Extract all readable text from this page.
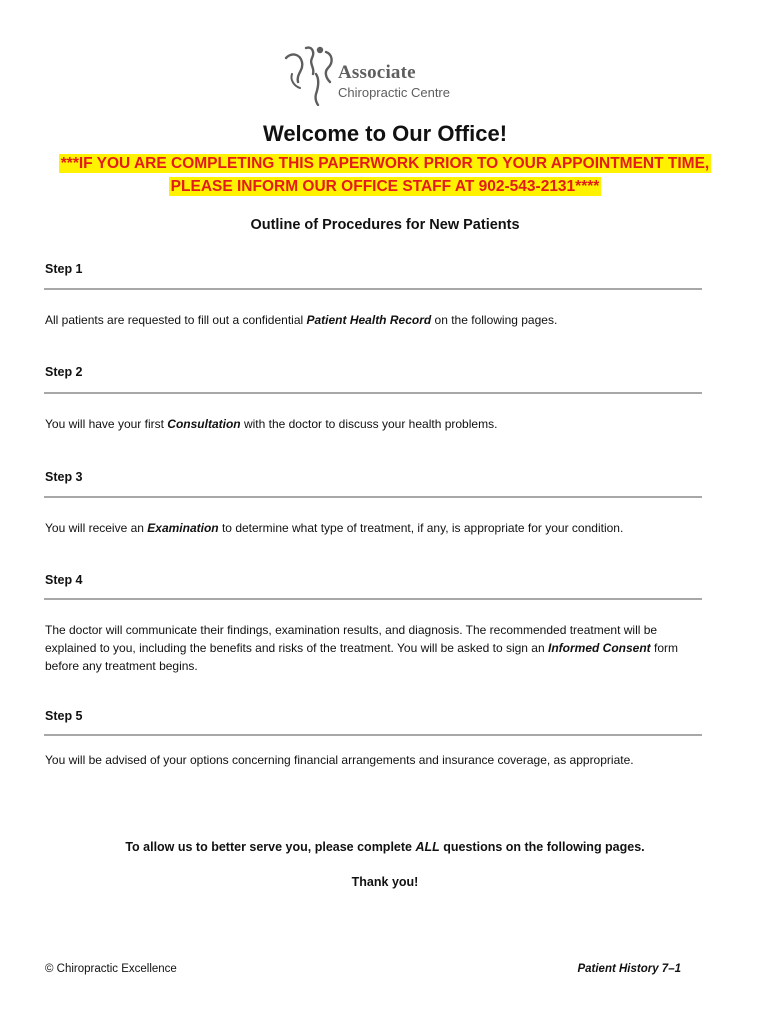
Associate
Chiropractic Centre
Welcome to Our Office!
***IF YOU ARE COMPLETING THIS PAPERWORK PRIOR TO YOUR APPOINTMENT TIME,
PLEASE INFORM OUR OFFICE STAFF AT 902-543-2131****
Outline of Procedures for New Patients
Step 1
All patients are requested to fill out a confidential Patient Health Record on the following pages.
Step 2
You will have your first Consultation with the doctor to discuss your health problems.
Step 3
You will receive an Examination to determine what type of treatment, if any, is appropriate for your condition.
Step 4
The doctor will communicate their findings, examination results, and diagnosis. The recommended treatment will be explained to you, including the benefits and risks of the treatment. You will be asked to sign an Informed Consent form before any treatment begins.
Step 5
You will be advised of your options concerning financial arrangements and insurance coverage, as appropriate.
To allow us to better serve you, please complete ALL questions on the following pages.
Thank you!
© Chiropractic Excellence	Patient History 7–1
